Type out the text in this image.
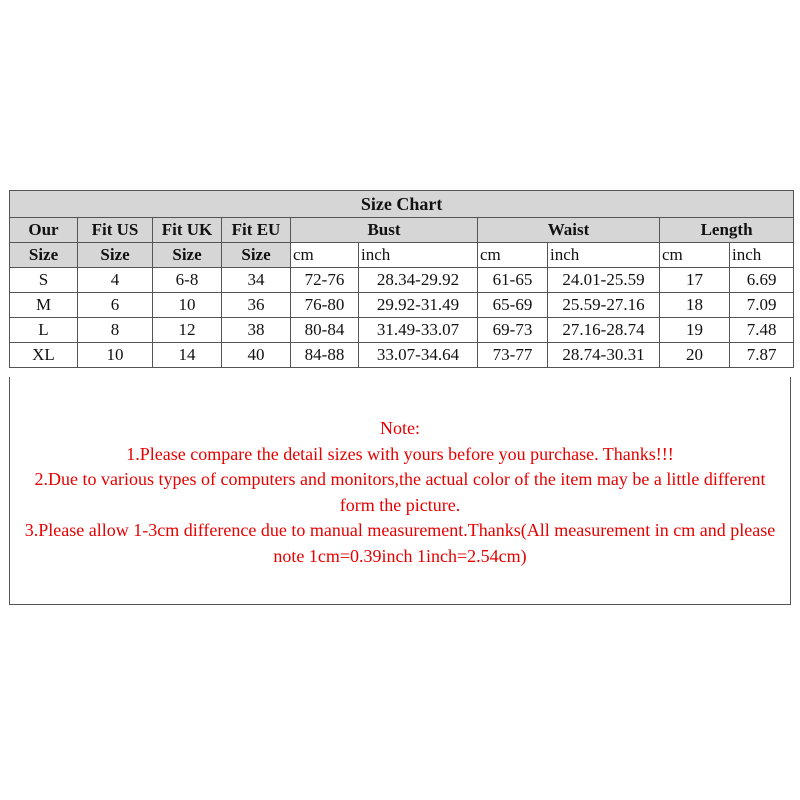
Size Chart									
Our	Fit US	Fit UK	Fit EU	Bust		Waist		Length	
Size	Size	Size	Size	cm	inch	cm	inch	cm	inch
S	4	6-8	34	72-76	28.34-29.92	61-65	24.01-25.59	17	6.69
M	6	10	36	76-80	29.92-31.49	65-69	25.59-27.16	18	7.09
L	8	12	38	80-84	31.49-33.07	69-73	27.16-28.74	19	7.48
XL	10	14	40	84-88	33.07-34.64	73-77	28.74-30.31	20	7.87

Note:

1.Please compare the detail sizes with yours before you purchase. Thanks!!!

2.Due to various types of computers and monitors,the actual color of the item may be a little different form the picture.

3.Please allow 1-3cm difference due to manual measurement.Thanks(All measurement in cm and please note 1cm=0.39inch 1inch=2.54cm)
